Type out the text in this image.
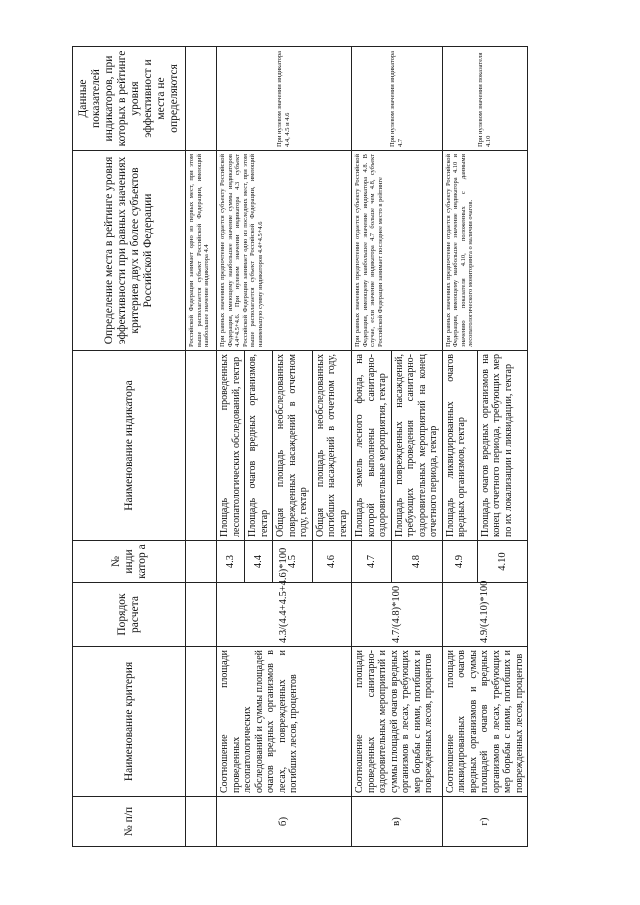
№ п/п	Наименование критерия	Порядок расчета	№ инди катор а	Наименование индикатора	Определение места в рейтинге уровня эффективности при равных значениях критериев двух и более субъектов Российской Федерации	Данные показателей индикаторов, при которых в рейтинге уровня эффективност и места не определяются
					Российской Федерации занимает одно из первых мест, при этом выше располагается субъект Российской Федерации, имеющий наибольшее значение индикатора 4.4	
б)	Соотношение площади проведенных лесопатологических обследований и суммы площадей очагов вредных организмов в лесах, поврежденных и погибших лесов, процентов	4.3/(4.4+4.5+4.6)*100	4.3	Площадь проведенных лесопатологических обследований, гектар	При равных значениях предпочтение отдается субъекту Российской Федерации, имеющему наибольшее значение суммы индикаторов 4.4+4.5+4.6. При нулевом значении индикатора 4.3 субъект Российской Федерации занимает одно из последних мест, при этом выше располагается субъект Российской Федерации, имеющий наименьшую сумму индикаторов 4.4+4.5+4.6	При нулевом значении индикатора 4.4, 4.5 и 4.6
			4.4	Площадь очагов вредных организмов, гектар		
			4.5	Общая площадь необследованных поврежденных насаждений в отчетном году, гектар		
			4.6	Общая площадь необследованных погибших насаждений в отчетном году, гектар		
в)	Соотношение площади проведенных санитарно-оздоровительных мероприятий и суммы площадей очагов вредных организмов в лесах, требующих мер борьбы с ними, погибших и поврежденных лесов, процентов	4.7/(4.8)*100	4.7	Площадь земель лесного фонда, на которой выполнены санитарно-оздоровительные мероприятия, гектар	При равных значениях предпочтение отдается субъекту Российской Федерации, имеющему наибольшее значение индикатора 4.8. В случае, если значение индикатора 4.7 больше чем 4.8, субъект Российской Федерации занимает последнее место в рейтинге	При нулевом значении индикатора 4.7
			4.8	Площадь поврежденных насаждений, требующих проведения санитарно-оздоровительных мероприятий на конец отчетного периода, гектар		
г)	Соотношение площади ликвидированных очагов вредных организмов и суммы площадей очагов вредных организмов в лесах, требующих мер борьбы с ними, погибших и поврежденных лесов, процентов	4.9/(4.10)*100	4.9	Площадь ликвидированных очагов вредных организмов, гектар	При равных значениях предпочтение отдается субъекту Российской Федерации, имеющему наибольшее значение индикатора 4.10 и значению показателя 4.10, положенных с данными лесопатологического мониторинга о наличии очагов.	При нулевом значении показателя 4.10
			4.10	Площадь очагов вредных организмов на конец отчетного периода, требующих мер по их локализации и ликвидации, гектар		
